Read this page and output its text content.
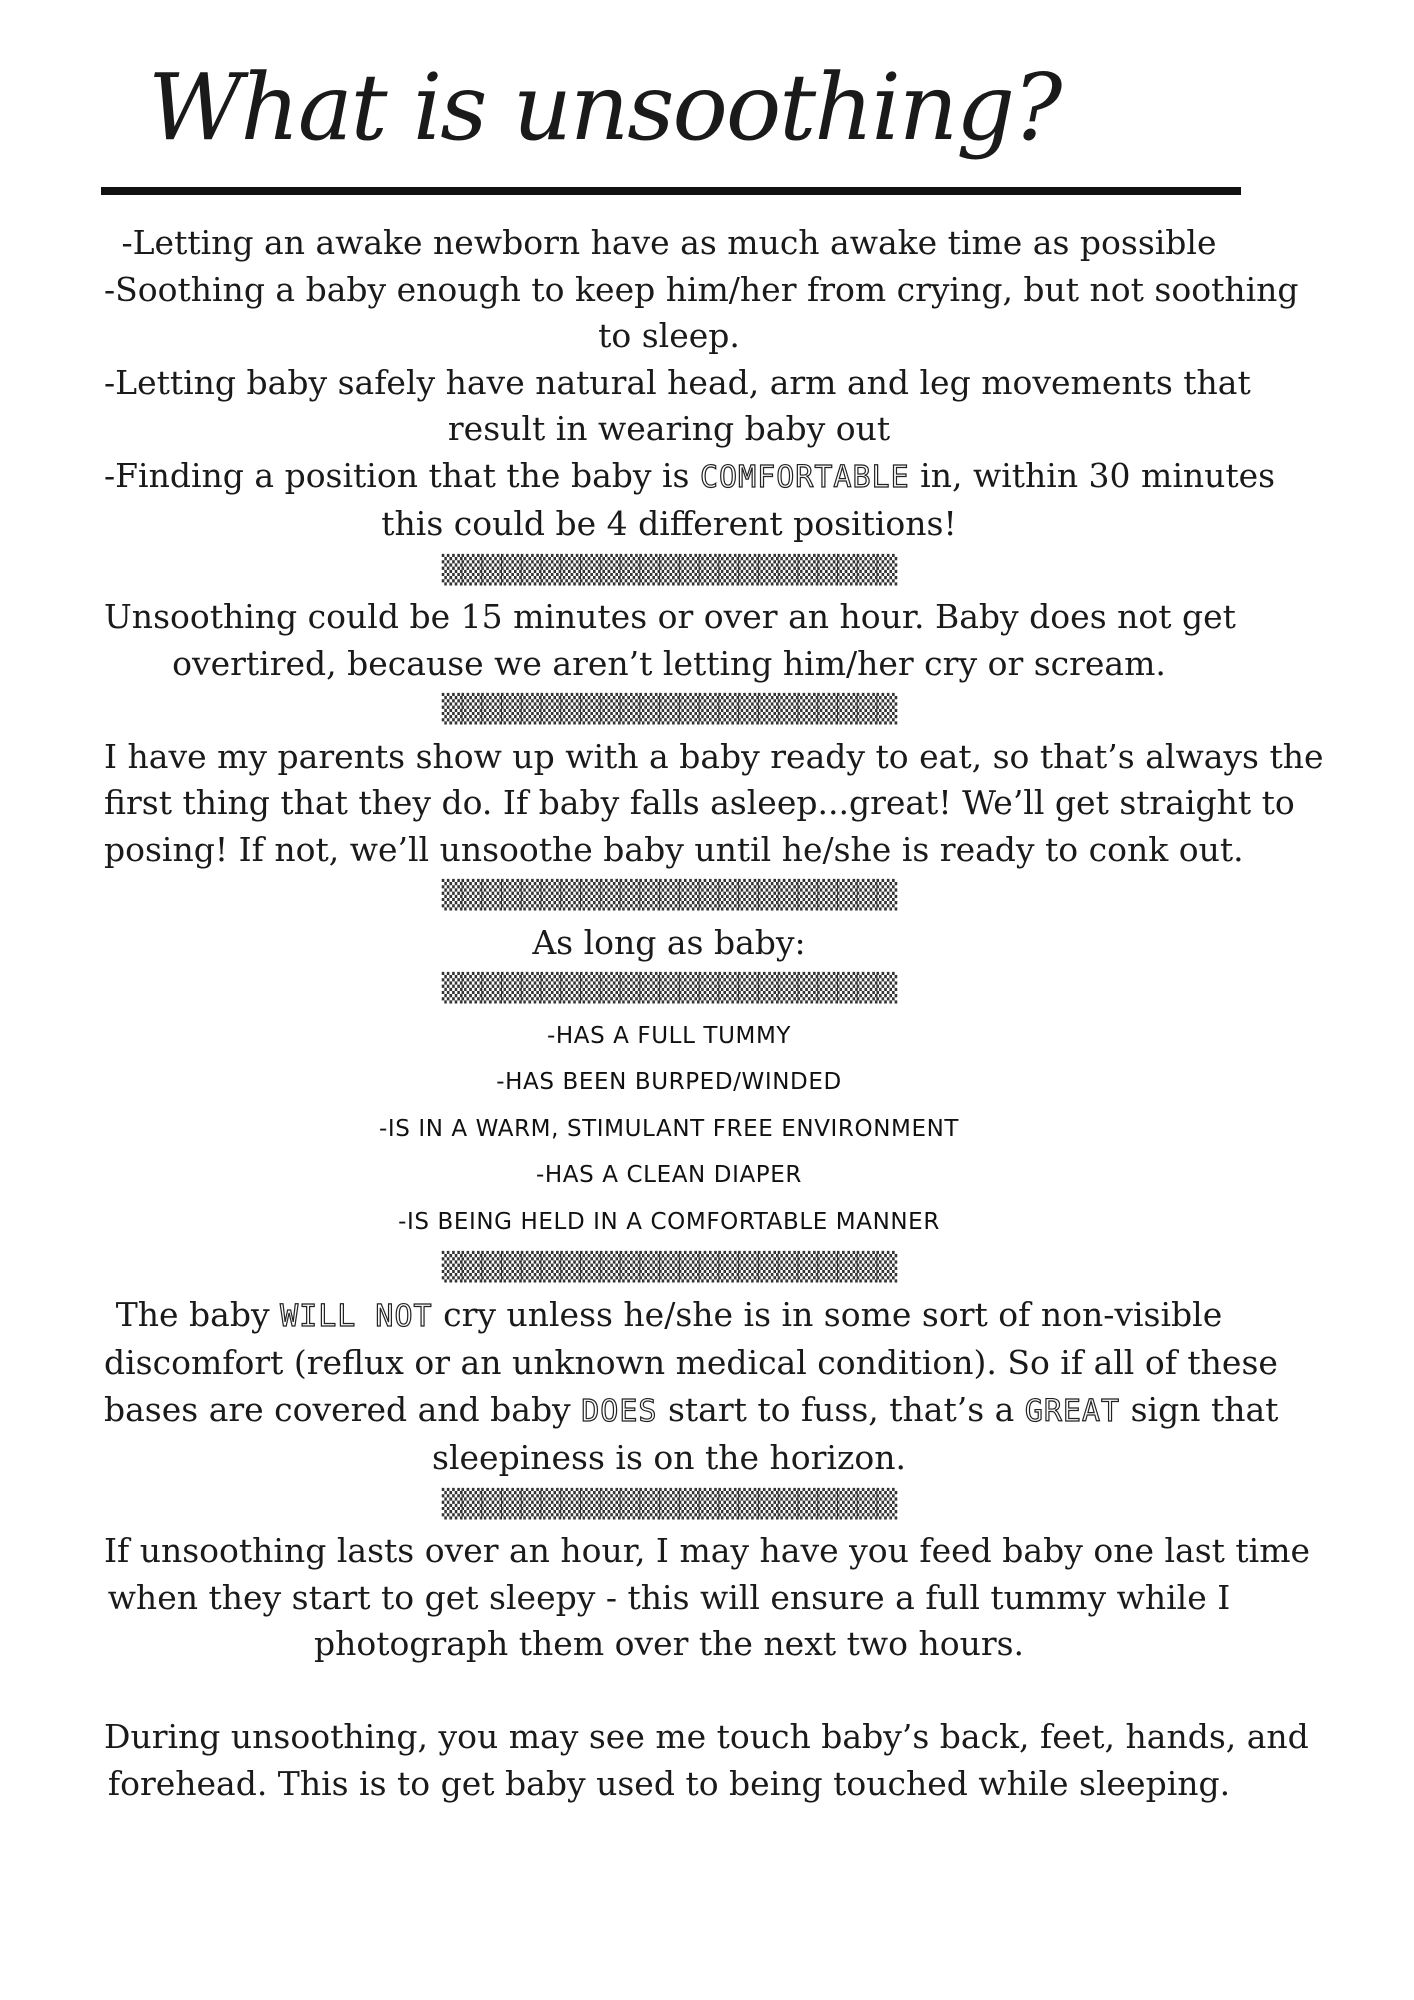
What is unsoothing?
-Letting an awake newborn have as much awake time as possible
-Soothing a baby enough to keep him/her from crying, but not soothing
to sleep.
-Letting baby safely have natural head, arm and leg movements that
result in wearing baby out
-Finding a position that the baby is COMFORTABLE in, within 30 minutes
this could be 4 different positions!
▒▒▒▒▒▒▒▒▒▒▒▒▒▒▒▒▒▒▒▒▒▒▒
Unsoothing could be 15 minutes or over an hour. Baby does not get
overtired, because we aren’t letting him/her cry or scream.
▒▒▒▒▒▒▒▒▒▒▒▒▒▒▒▒▒▒▒▒▒▒▒
I have my parents show up with a baby ready to eat, so that’s always the
first thing that they do. If baby falls asleep...great! We’ll get straight to
posing! If not, we’ll unsoothe baby until he/she is ready to conk out.
▒▒▒▒▒▒▒▒▒▒▒▒▒▒▒▒▒▒▒▒▒▒▒
As long as baby:
▒▒▒▒▒▒▒▒▒▒▒▒▒▒▒▒▒▒▒▒▒▒▒
-HAS A FULL TUMMY
-HAS BEEN BURPED/WINDED
-IS IN A WARM, STIMULANT FREE ENVIRONMENT
-HAS A CLEAN DIAPER
-IS BEING HELD IN A COMFORTABLE MANNER
▒▒▒▒▒▒▒▒▒▒▒▒▒▒▒▒▒▒▒▒▒▒▒
The baby WILL NOT cry unless he/she is in some sort of non-visible
discomfort (reflux or an unknown medical condition). So if all of these
bases are covered and baby DOES start to fuss, that’s a GREAT sign that
sleepiness is on the horizon.
▒▒▒▒▒▒▒▒▒▒▒▒▒▒▒▒▒▒▒▒▒▒▒
If unsoothing lasts over an hour, I may have you feed baby one last time
when they start to get sleepy - this will ensure a full tummy while I
photograph them over the next two hours.
During unsoothing, you may see me touch baby’s back, feet, hands, and
forehead. This is to get baby used to being touched while sleeping.
